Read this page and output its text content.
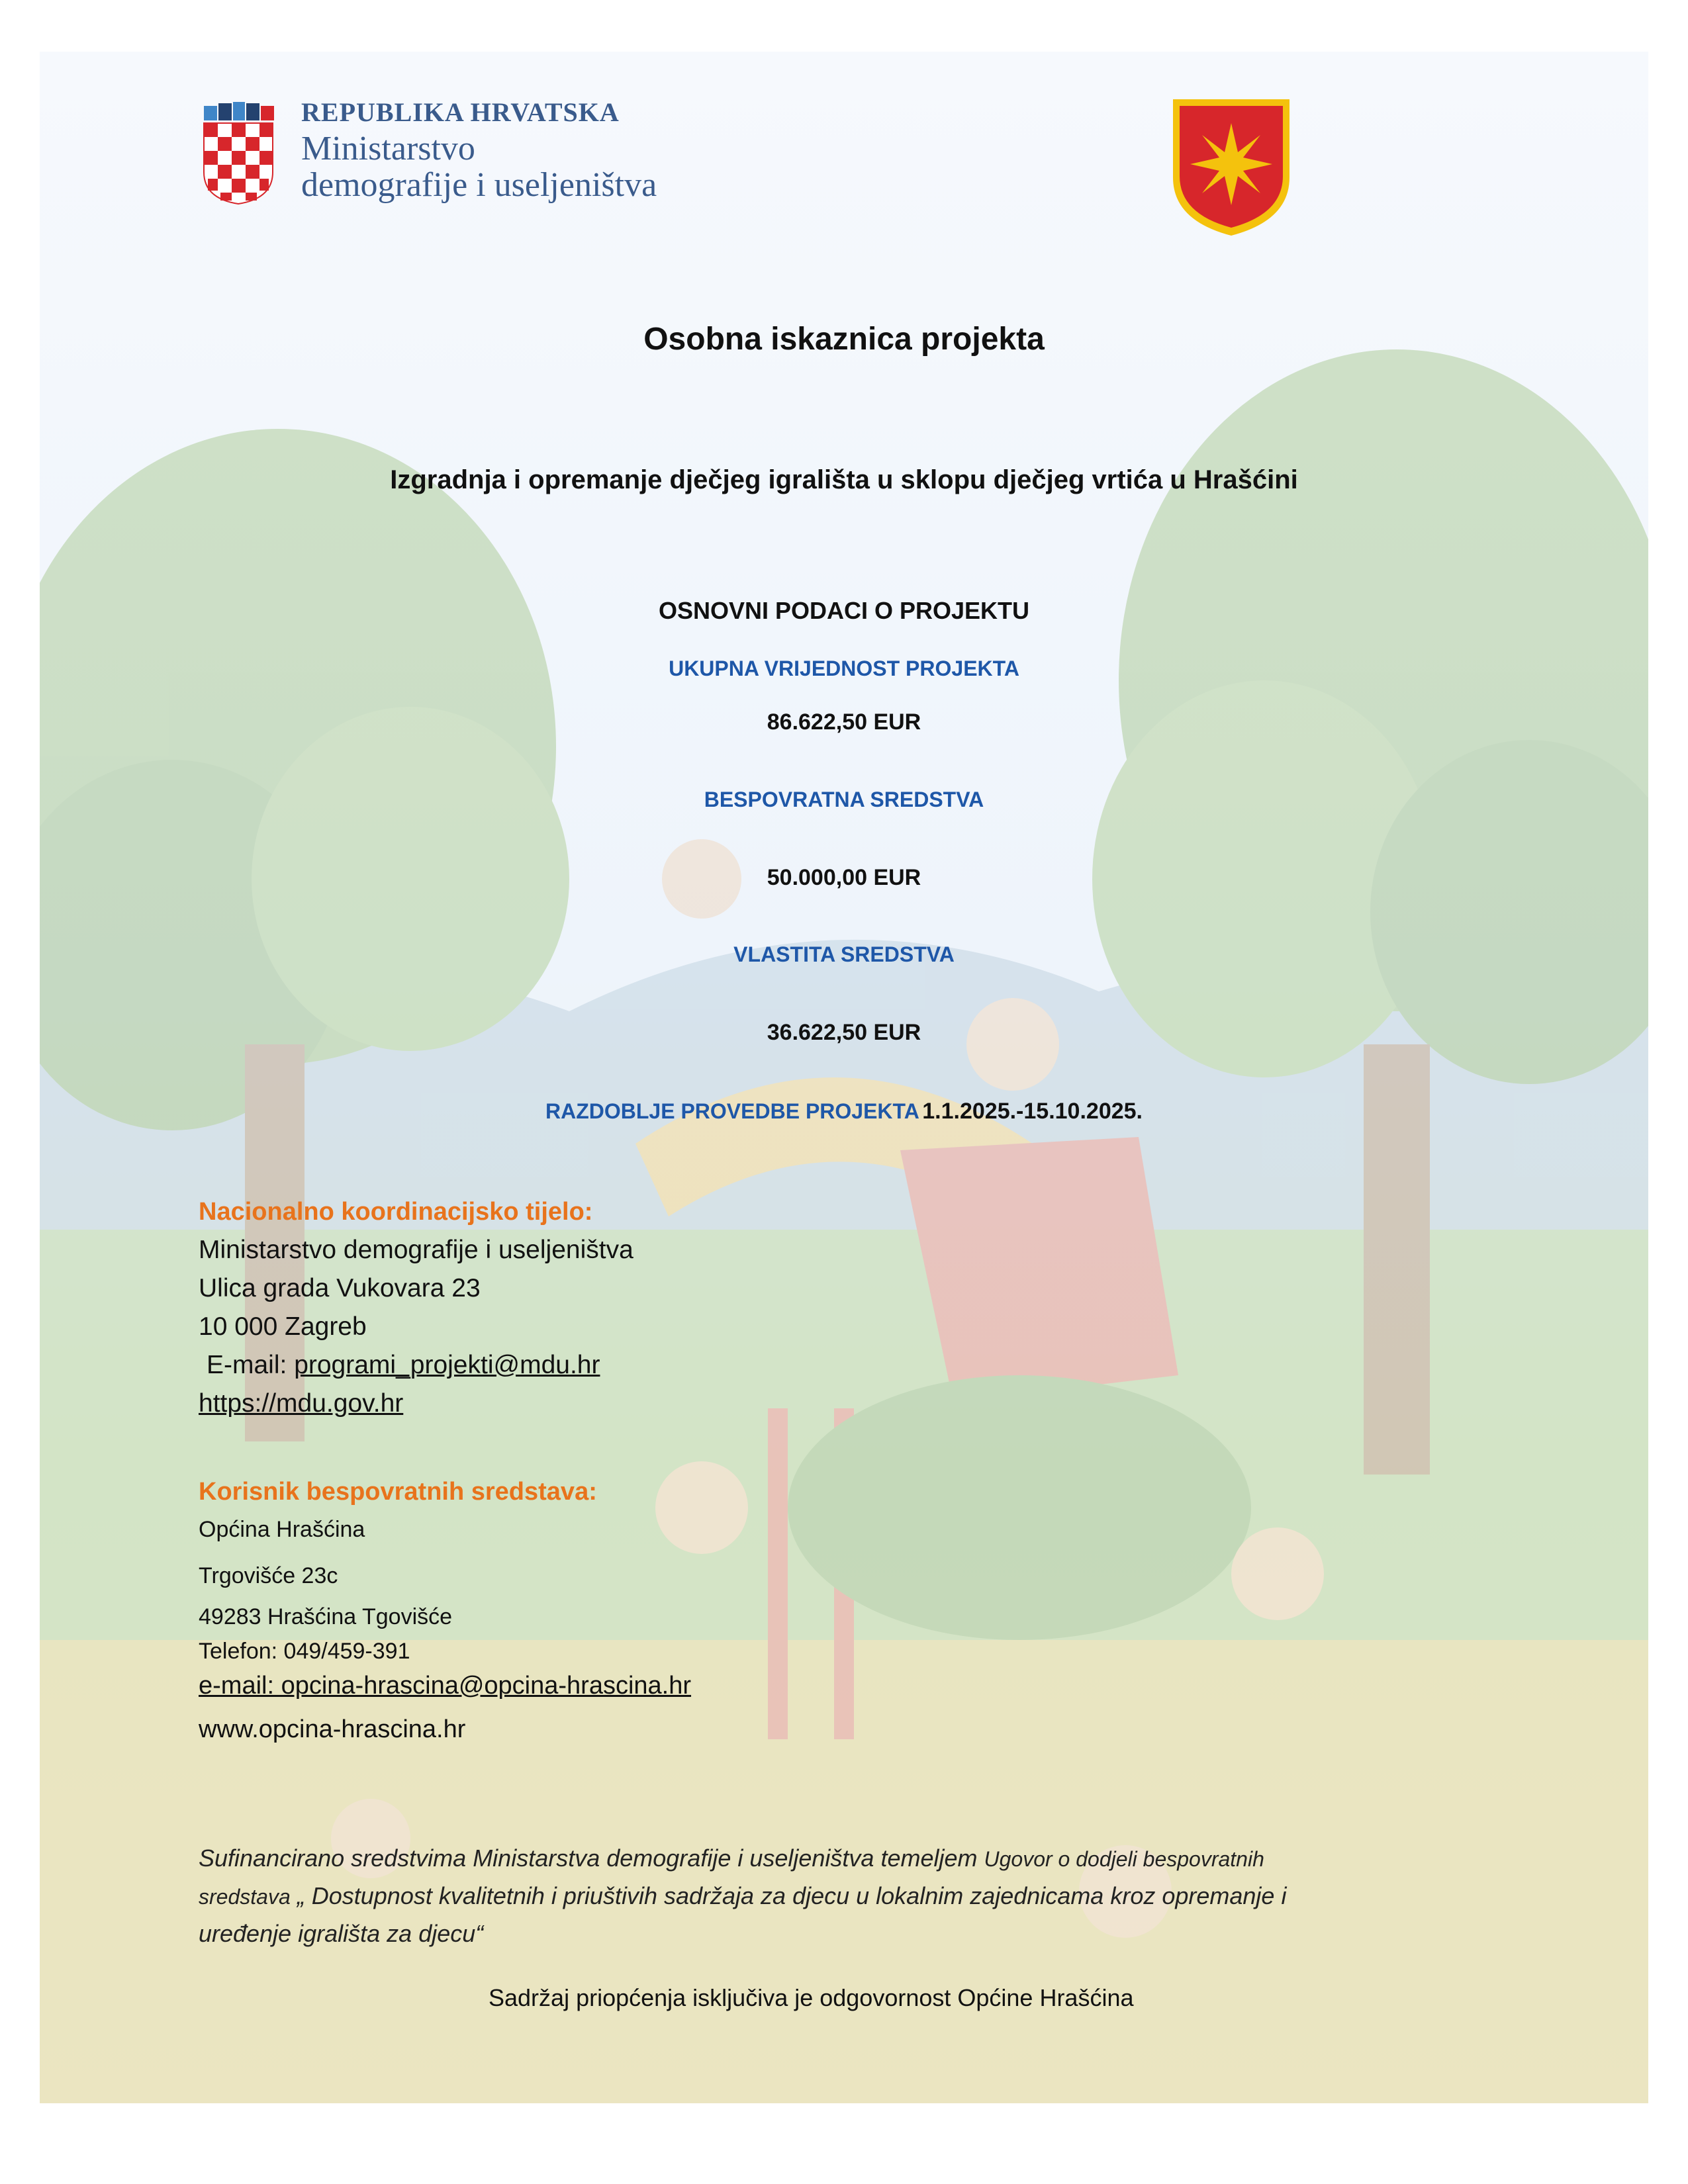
REPUBLIKA HRVATSKA
Ministarstvo
demografije i useljeništva
Osobna iskaznica projekta
Izgradnja i opremanje dječjeg igrališta u sklopu dječjeg vrtića u Hrašćini
OSNOVNI PODACI O PROJEKTU
UKUPNA VRIJEDNOST PROJEKTA
86.622,50 EUR
BESPOVRATNA SREDSTVA
50.000,00 EUR
VLASTITA SREDSTVA
36.622,50 EUR
RAZDOBLJE PROVEDBE PROJEKTA 1.1.2025.-15.10.2025.
Nacionalno koordinacijsko tijelo:
Ministarstvo demografije i useljeništva
Ulica grada Vukovara 23
10 000 Zagreb
E-mail: programi_projekti@mdu.hr
https://mdu.gov.hr
Korisnik bespovratnih sredstava:
Općina Hrašćina
Trgovišće 23c
49283 Hrašćina Tgovišće
Telefon: 049/459-391
e-mail: opcina-hrascina@opcina-hrascina.hr
www.opcina-hrascina.hr
Sufinancirano sredstvima Ministarstva demografije i useljeništva temeljem Ugovor o dodjeli bespovratnih
sredstava „ Dostupnost kvalitetnih i priuštivih sadržaja za djecu u lokalnim zajednicama kroz opremanje i
uređenje igrališta za djecu“
Sadržaj priopćenja isključiva je odgovornost Općine Hrašćina
